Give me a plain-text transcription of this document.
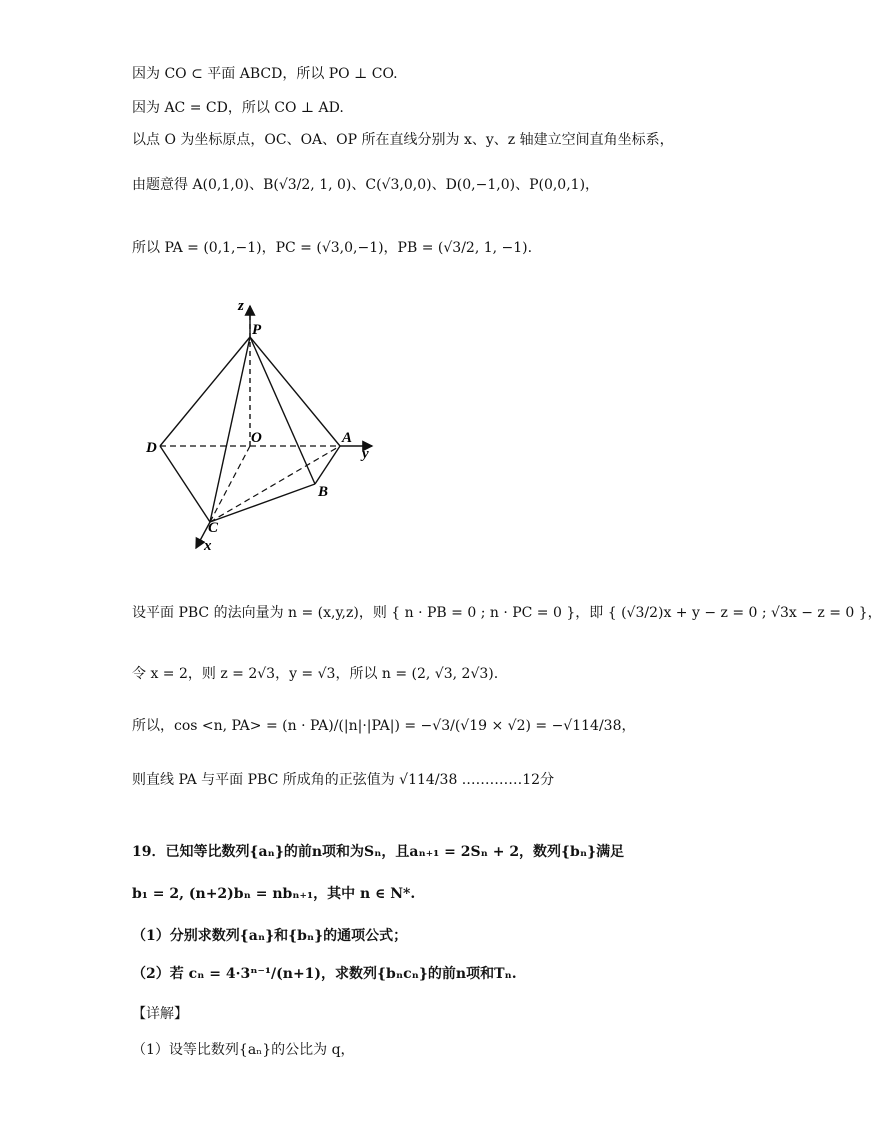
因为 CO ⊂ 平面 ABCD，所以 PO ⊥ CO.
因为 AC = CD，所以 CO ⊥ AD.
以点 O 为坐标原点，OC、OA、OP 所在直线分别为 x、y、z 轴建立空间直角坐标系，
由题意得 A(0,1,0)、B(√3/2, 1, 0)、C(√3,0,0)、D(0,−1,0)、P(0,0,1)，
所以 PA = (0,1,−1)，PC = (√3,0,−1)，PB = (√3/2, 1, −1).
z
P
D
O	A
y
B
C
x
设平面 PBC 的法向量为 n = (x,y,z)，则 { n · PB = 0 ; n · PC = 0 }，即 { (√3/2)x + y − z = 0 ; √3x − z = 0 }，
令 x = 2，则 z = 2√3，y = √3，所以 n = (2, √3, 2√3).
所以，cos <n, PA> = (n · PA)/(|n|·|PA|) = −√3/(√19 × √2) = −√114/38，
则直线 PA 与平面 PBC 所成角的正弦值为 √114/38 .…………12分
19．已知等比数列{aₙ}的前n项和为Sₙ，且aₙ₊₁ = 2Sₙ + 2，数列{bₙ}满足
b₁ = 2, (n+2)bₙ = nbₙ₊₁，其中 n ∈ N*.
（1）分别求数列{aₙ}和{bₙ}的通项公式；
（2）若 cₙ = 4·3ⁿ⁻¹/(n+1)，求数列{bₙcₙ}的前n项和Tₙ.
【详解】
（1）设等比数列{aₙ}的公比为 q，
